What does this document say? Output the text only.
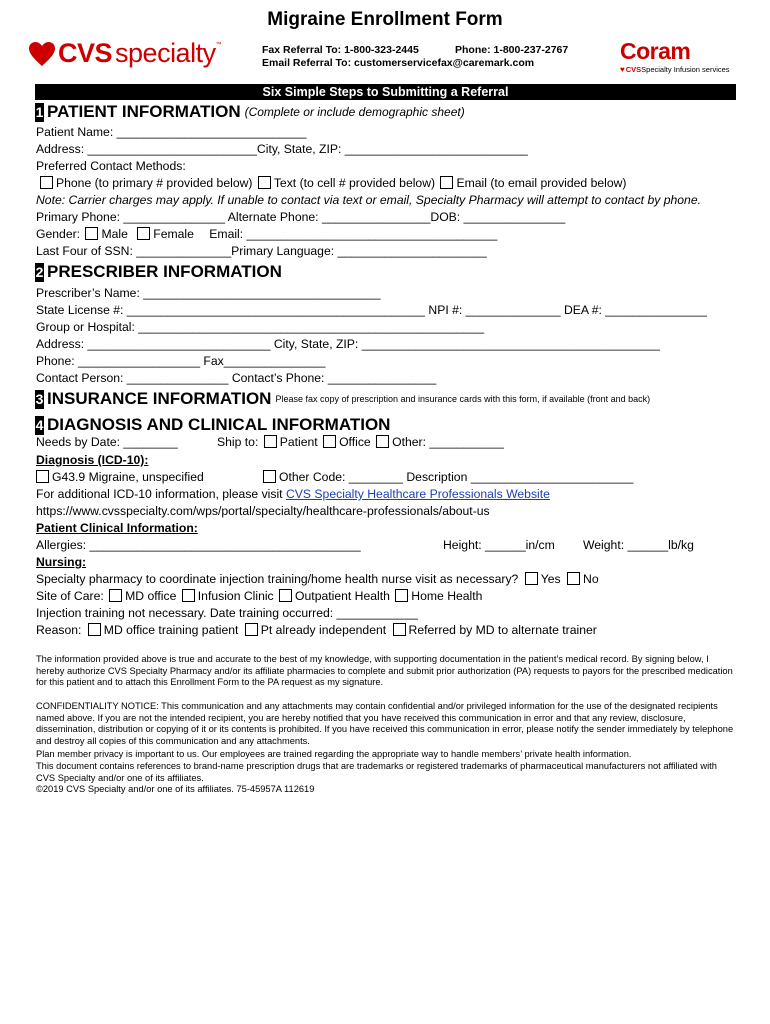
Migraine Enrollment Form
CVS specialty ™	Fax Referral To: 1-800-323-2445	Phone: 1-800-237-2767
Email Referral To: customerservicefax@caremark.com	Coram
♥ CVS Specialty Infusion services
Six Simple Steps to Submitting a Referral
1 PATIENT INFORMATION (Complete or include demographic sheet)
Patient Name: ____________________________
Address: _________________________City, State, ZIP: ___________________________
Preferred Contact Methods:
Phone (to primary # provided below) Text (to cell # provided below) Email (to email provided below)
Note: Carrier charges may apply. If unable to contact via text or email, Specialty Pharmacy will attempt to contact by phone.
Primary Phone: _______________ Alternate Phone: ________________DOB: _______________
Gender: Male Female Email: _____________________________________
Last Four of SSN: ______________Primary Language: ______________________
2 PRESCRIBER INFORMATION
Prescriber’s Name: ___________________________________
State License #: ____________________________________________ NPI #: ______________ DEA #: _______________
Group or Hospital: ___________________________________________________
Address: ___________________________ City, State, ZIP: ____________________________________________
Phone: __________________ Fax_______________
Contact Person: _______________ Contact’s Phone: ________________
3 INSURANCE INFORMATION Please fax copy of prescription and insurance cards with this form, if available (front and back)
4 DIAGNOSIS AND CLINICAL INFORMATION
Needs by Date: ________	Ship to: Patient Office Other: ___________
Diagnosis (ICD-10):
G43.9 Migraine, unspecified	Other Code: ________ Description ________________________
For additional ICD-10 information, please visit CVS Specialty Healthcare Professionals Website
https://www.cvsspecialty.com/wps/portal/specialty/healthcare-professionals/about-us
Patient Clinical Information:
Allergies: ________________________________________	Height: ______in/cm Weight: ______lb/kg
Nursing:
Specialty pharmacy to coordinate injection training/home health nurse visit as necessary? Yes No
Site of Care: MD office Infusion Clinic Outpatient Health Home Health
Injection training not necessary. Date training occurred: ____________
Reason: MD office training patient Pt already independent Referred by MD to alternate trainer
The information provided above is true and accurate to the best of my knowledge, with supporting documentation in the patient’s medical record. By signing below, I hereby authorize CVS Specialty Pharmacy and/or its affiliate pharmacies to complete and submit prior authorization (PA) requests to payors for the prescribed medication for this patient and to attach this Enrollment Form to the PA request as my signature.
CONFIDENTIALITY NOTICE: This communication and any attachments may contain confidential and/or privileged information for the use of the designated recipients named above. If you are not the intended recipient, you are hereby notified that you have received this communication in error and that any review, disclosure, dissemination, distribution or copying of it or its contents is prohibited. If you have received this communication in error, please notify the sender immediately by telephone and destroy all copies of this communication and any attachments.
Plan member privacy is important to us. Our employees are trained regarding the appropriate way to handle members’ private health information.
This document contains references to brand-name prescription drugs that are trademarks or registered trademarks of pharmaceutical manufacturers not affiliated with CVS Specialty and/or one of its affiliates.
©2019 CVS Specialty and/or one of its affiliates. 75-45957A 112619
